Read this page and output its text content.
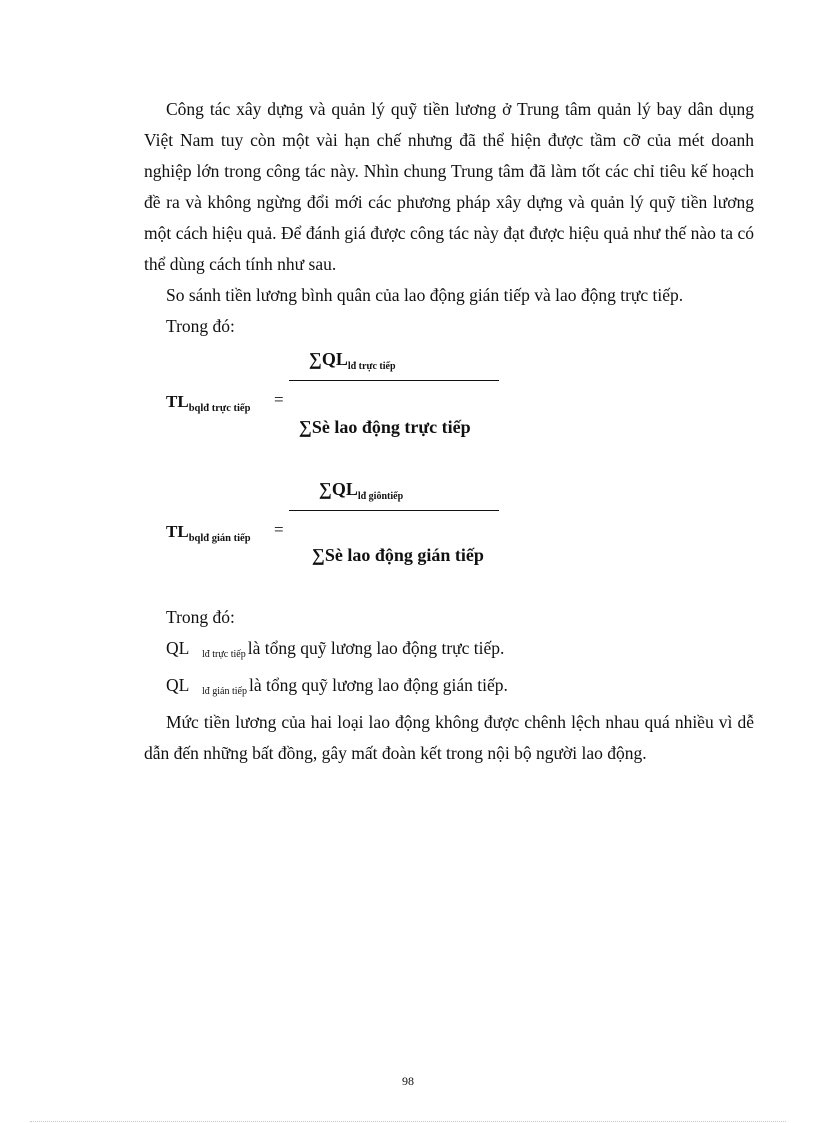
Công tác xây dựng và quản lý quỹ tiền lương ở Trung tâm quản lý bay dân dụng Việt Nam tuy còn một vài hạn chế nhưng đã thể hiện được tầm cỡ của mét doanh nghiệp lớn trong công tác này. Nhìn chung Trung tâm đã làm tốt các chỉ tiêu kế hoạch đề ra và không ngừng đổi mới các phương pháp xây dựng và quản lý quỹ tiền lương một cách hiệu quả. Để đánh giá được công tác này đạt được hiệu quả như thế nào ta có thể dùng cách tính như sau.

So sánh tiền lương bình quân của lao động gián tiếp và lao động trực tiếp.

Trong đó:

$\sum QL_{lđ trực tiếp}$
$TL_{bqlđ trực tiếp}$ =
∑Sè lao động trực tiếp
$\sum QL_{lđ giôntiếp}$
$TL_{bqlđ gián tiếp}$ =
∑Sè lao động gián tiếp

Trong đó:

QL $_{lđ trực tiếp}$ là tổng quỹ lương lao động trực tiếp.

QL $_{lđ gián tiếp}$ là tổng quỹ lương lao động gián tiếp.

Mức tiền lương của hai loại lao động không được chênh lệch nhau quá nhiều vì dễ dẫn đến những bất đồng, gây mất đoàn kết trong nội bộ người lao động.

98
